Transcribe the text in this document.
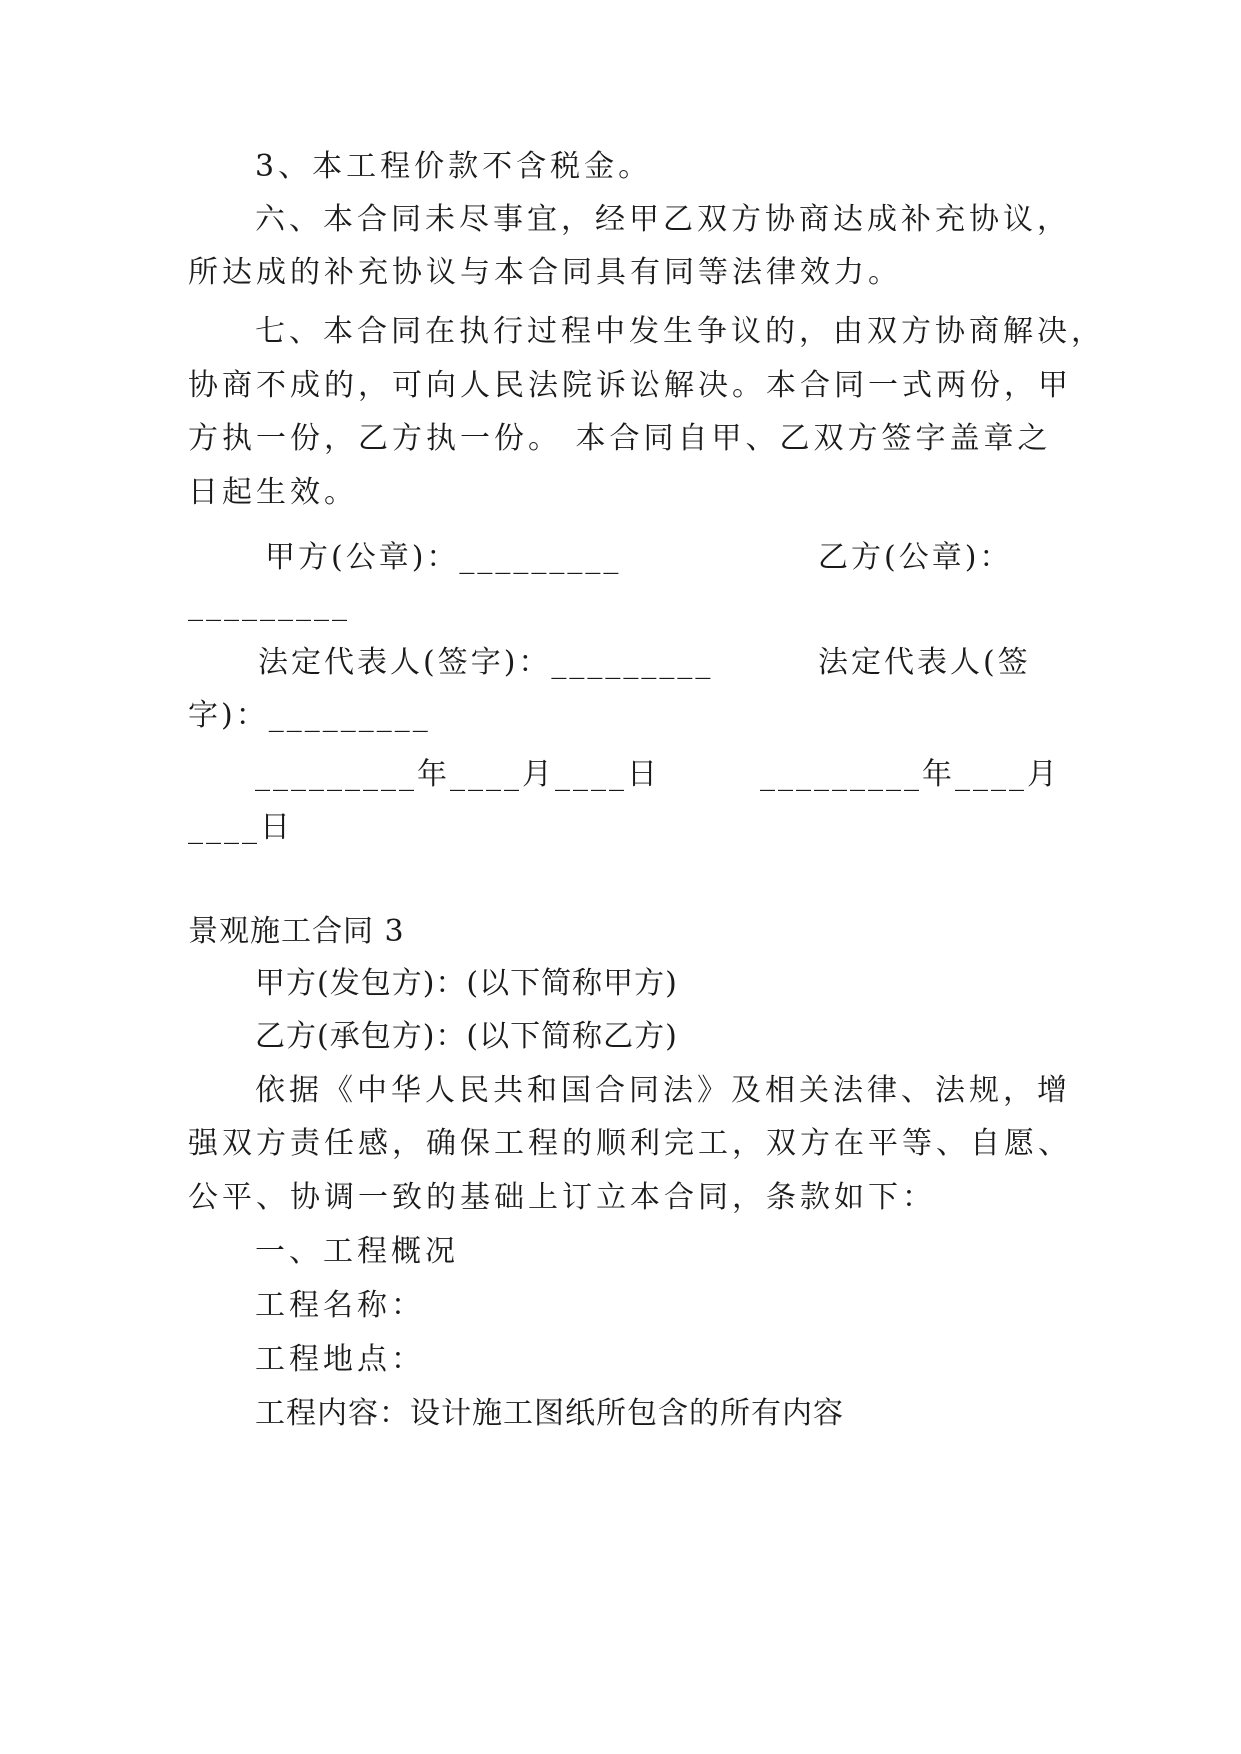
3、本工程价款不含税金。
六、本合同未尽事宜，经甲乙双方协商达成补充协议，
所达成的补充协议与本合同具有同等法律效力。
七、本合同在执行过程中发生争议的，由双方协商解决，
协商不成的，可向人民法院诉讼解决。本合同一式两份，甲
方执一份，乙方执一份。 本合同自甲、乙双方签字盖章之
日起生效。
甲方(公章)：_________	乙方(公章)：
_________
法定代表人(签字)：_________	法定代表人(签
字)：_________
_________年____月____日	_________年____月
____日
景观施工合同 3
甲方(发包方)：(以下简称甲方)
乙方(承包方)：(以下简称乙方)
依据《中华人民共和国合同法》及相关法律、法规，增
强双方责任感，确保工程的顺利完工，双方在平等、自愿、
公平、协调一致的基础上订立本合同，条款如下：
一、工程概况
工程名称：
工程地点：
工程内容：设计施工图纸所包含的所有内容
